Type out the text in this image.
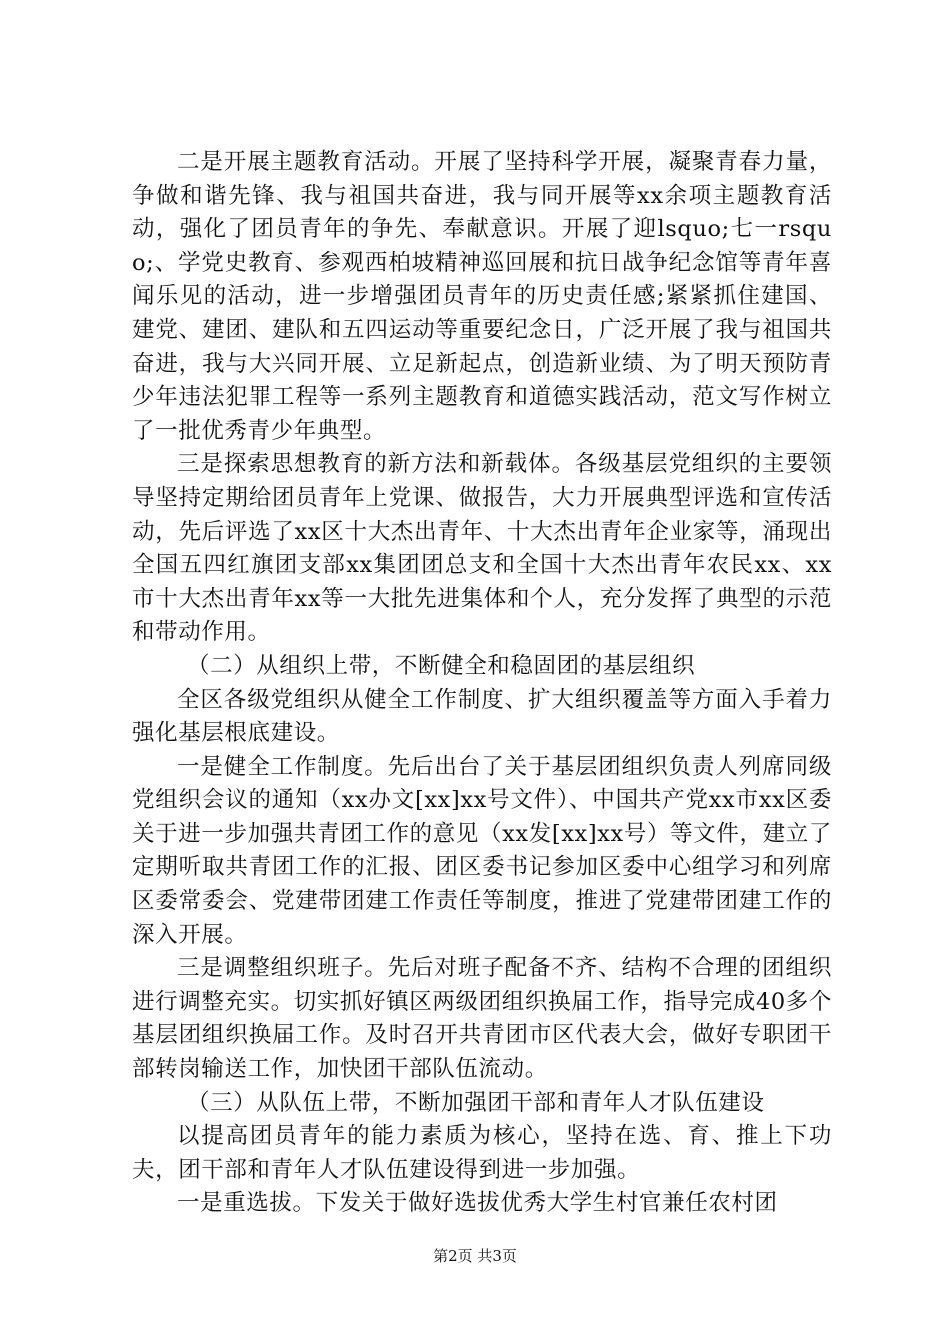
二是开展主题教育活动。开展了坚持科学开展，凝聚青春力量，争做和谐先锋、我与祖国共奋进，我与同开展等xx余项主题教育活动，强化了团员青年的争先、奉献意识。开展了迎lsquo;七一rsquo;、学党史教育、参观西柏坡精神巡回展和抗日战争纪念馆等青年喜闻乐见的活动，进一步增强团员青年的历史责任感;紧紧抓住建国、建党、建团、建队和五四运动等重要纪念日，广泛开展了我与祖国共奋进，我与大兴同开展、立足新起点，创造新业绩、为了明天预防青少年违法犯罪工程等一系列主题教育和道德实践活动，范文写作树立了一批优秀青少年典型。

三是探索思想教育的新方法和新载体。各级基层党组织的主要领导坚持定期给团员青年上党课、做报告，大力开展典型评选和宣传活动，先后评选了xx区十大杰出青年、十大杰出青年企业家等，涌现出全国五四红旗团支部xx集团团总支和全国十大杰出青年农民xx、xx市十大杰出青年xx等一大批先进集体和个人，充分发挥了典型的示范和带动作用。

（二）从组织上带，不断健全和稳固团的基层组织

全区各级党组织从健全工作制度、扩大组织覆盖等方面入手着力强化基层根底建设。

一是健全工作制度。先后出台了关于基层团组织负责人列席同级党组织会议的通知（xx办文[xx]xx号文件）、中国共产党xx市xx区委关于进一步加强共青团工作的意见（xx发[xx]xx号）等文件，建立了定期听取共青团工作的汇报、团区委书记参加区委中心组学习和列席区委常委会、党建带团建工作责任等制度，推进了党建带团建工作的深入开展。

三是调整组织班子。先后对班子配备不齐、结构不合理的团组织进行调整充实。切实抓好镇区两级团组织换届工作，指导完成40多个基层团组织换届工作。及时召开共青团市区代表大会，做好专职团干部转岗输送工作，加快团干部队伍流动。

（三）从队伍上带，不断加强团干部和青年人才队伍建设

以提高团员青年的能力素质为核心，坚持在选、育、推上下功夫，团干部和青年人才队伍建设得到进一步加强。

一是重选拔。下发关于做好选拔优秀大学生村官兼任农村团

第2页 共3页
